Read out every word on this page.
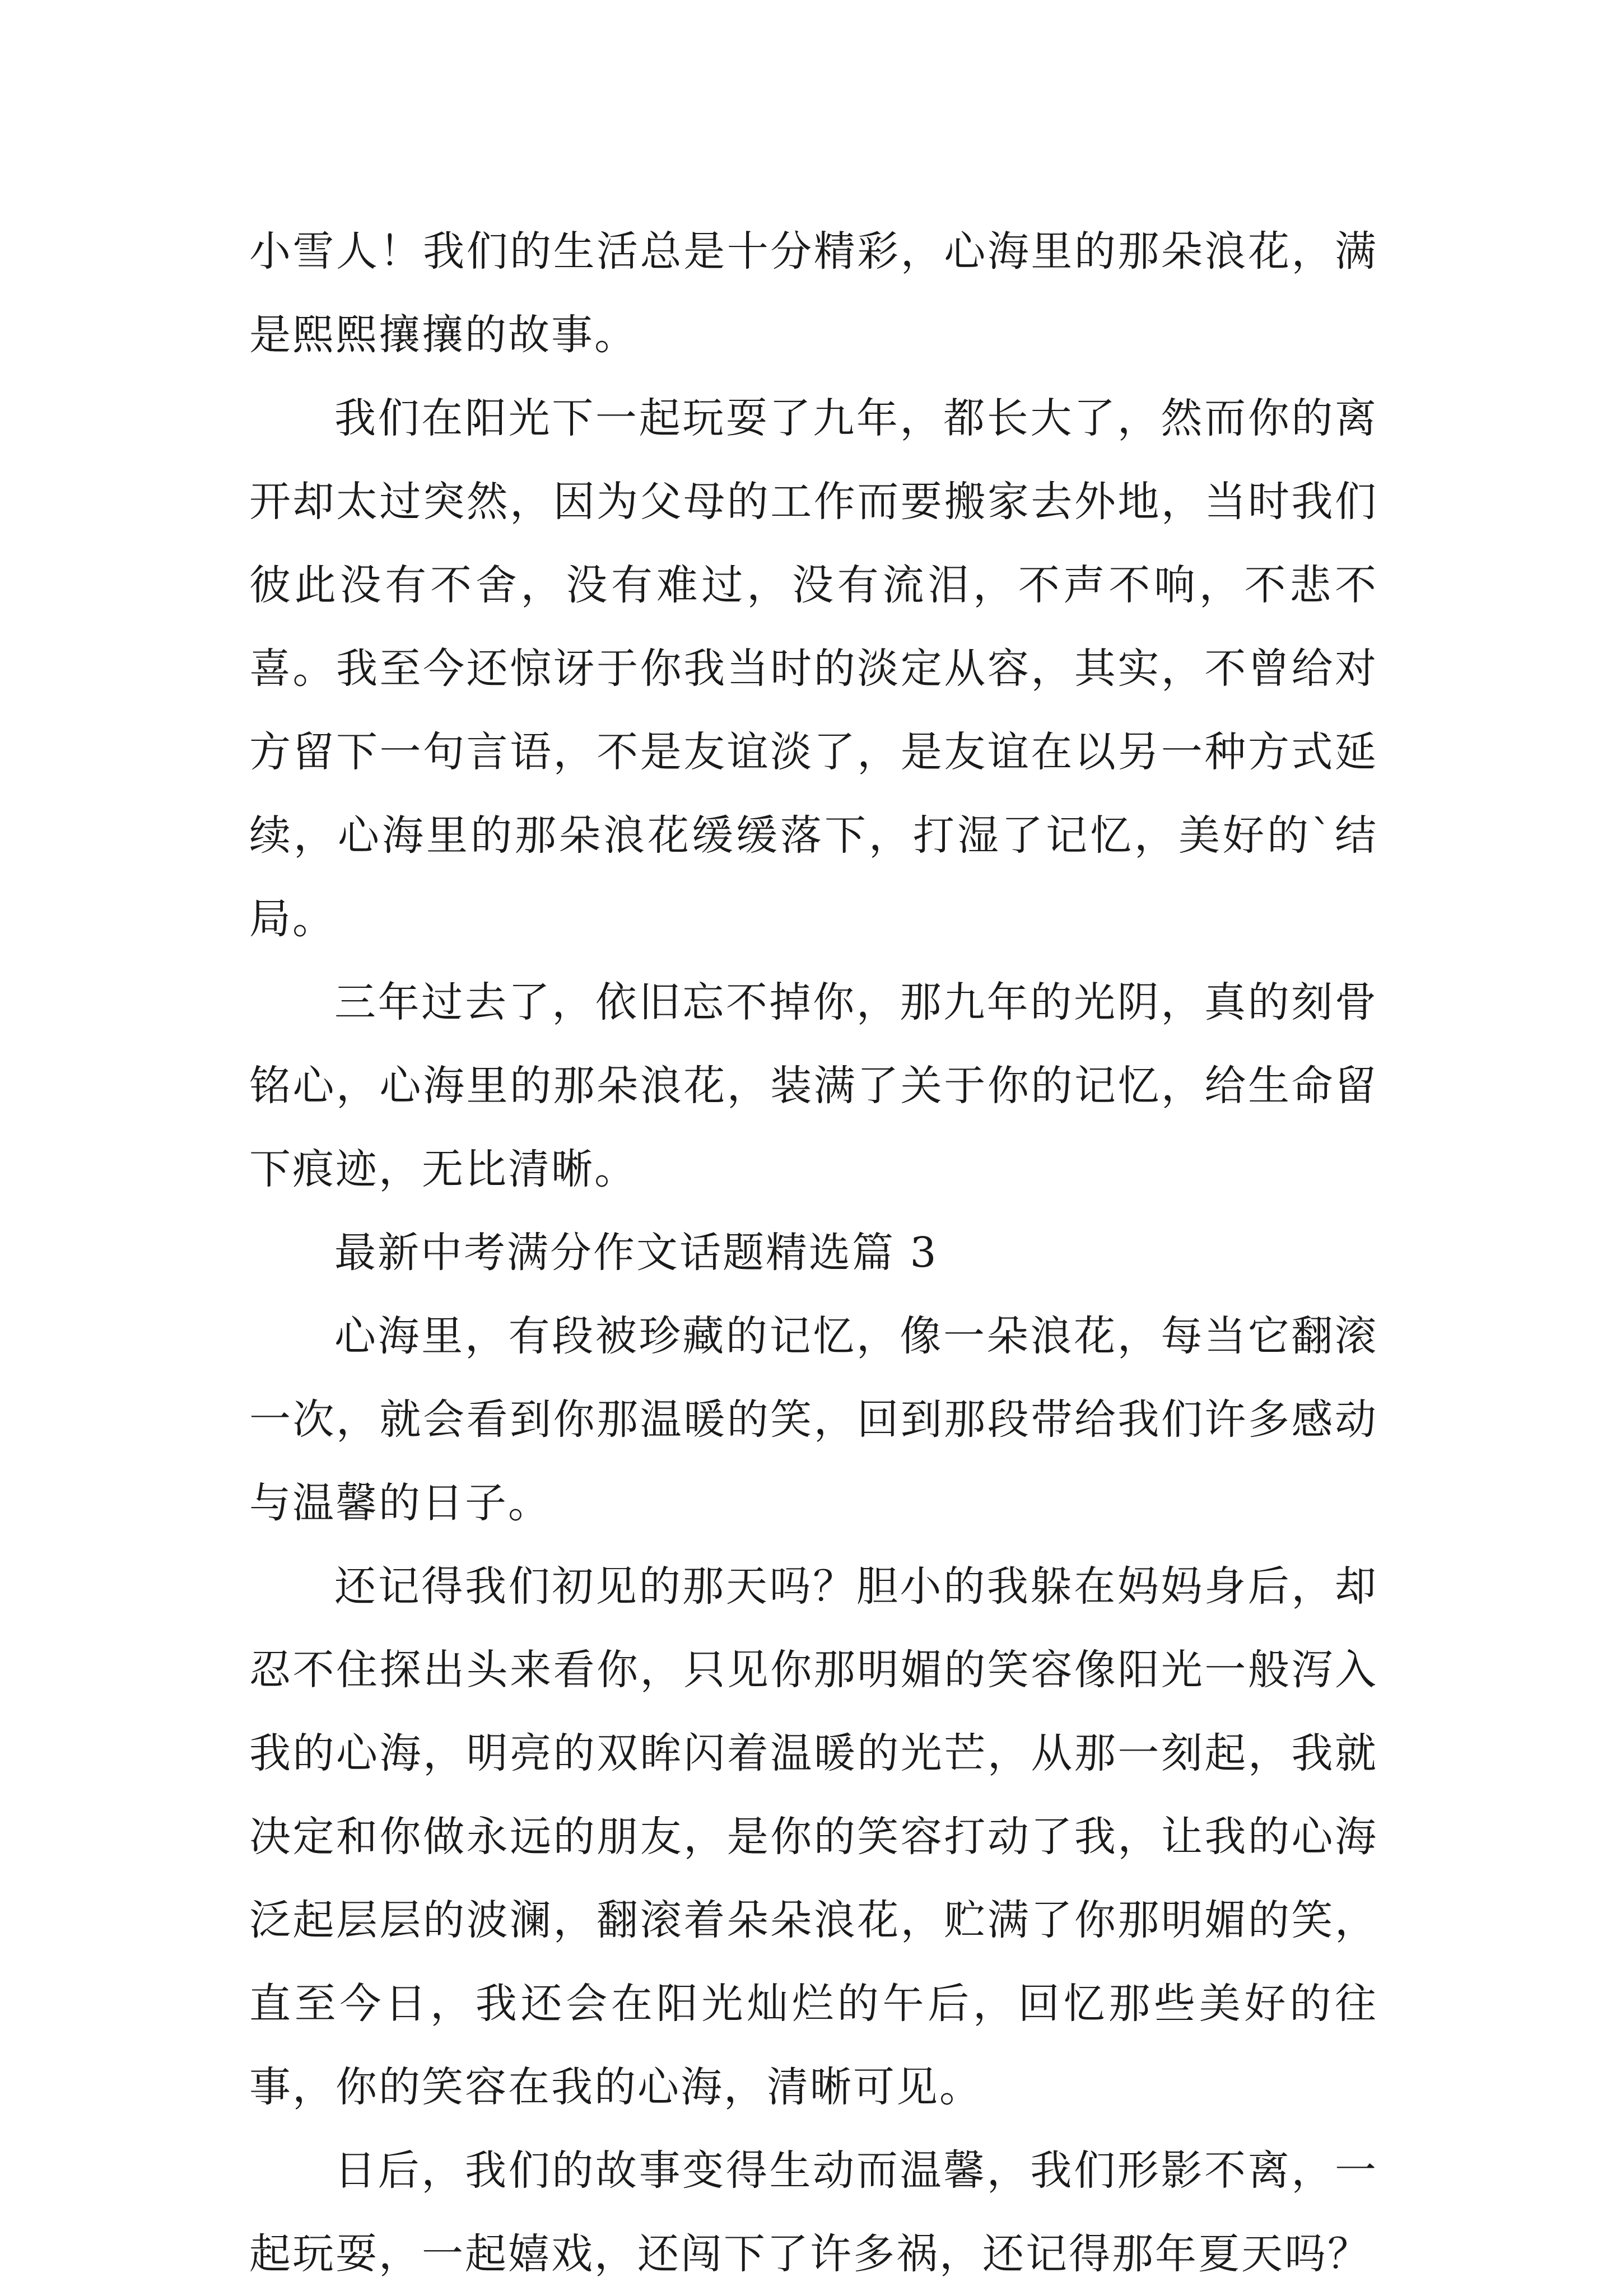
小雪人！我们的生活总是十分精彩，心海里的那朵浪花，满是熙熙攘攘的故事。

我们在阳光下一起玩耍了九年，都长大了，然而你的离开却太过突然，因为父母的工作而要搬家去外地，当时我们彼此没有不舍，没有难过，没有流泪，不声不响，不悲不喜。我至今还惊讶于你我当时的淡定从容，其实，不曾给对方留下一句言语，不是友谊淡了，是友谊在以另一种方式延续，心海里的那朵浪花缓缓落下，打湿了记忆，美好的`结局。

三年过去了，依旧忘不掉你，那九年的光阴，真的刻骨铭心，心海里的那朵浪花，装满了关于你的记忆，给生命留下痕迹，无比清晰。

最新中考满分作文话题精选篇 3

心海里，有段被珍藏的记忆，像一朵浪花，每当它翻滚一次，就会看到你那温暖的笑，回到那段带给我们许多感动与温馨的日子。

还记得我们初见的那天吗？胆小的我躲在妈妈身后，却忍不住探出头来看你，只见你那明媚的笑容像阳光一般泻入我的心海，明亮的双眸闪着温暖的光芒，从那一刻起，我就决定和你做永远的朋友，是你的笑容打动了我，让我的心海泛起层层的波澜，翻滚着朵朵浪花，贮满了你那明媚的笑，直至今日，我还会在阳光灿烂的午后，回忆那些美好的往事，你的笑容在我的心海，清晰可见。

日后，我们的故事变得生动而温馨，我们形影不离，一起玩耍，一起嬉戏，还闯下了许多祸，还记得那年夏天吗？
